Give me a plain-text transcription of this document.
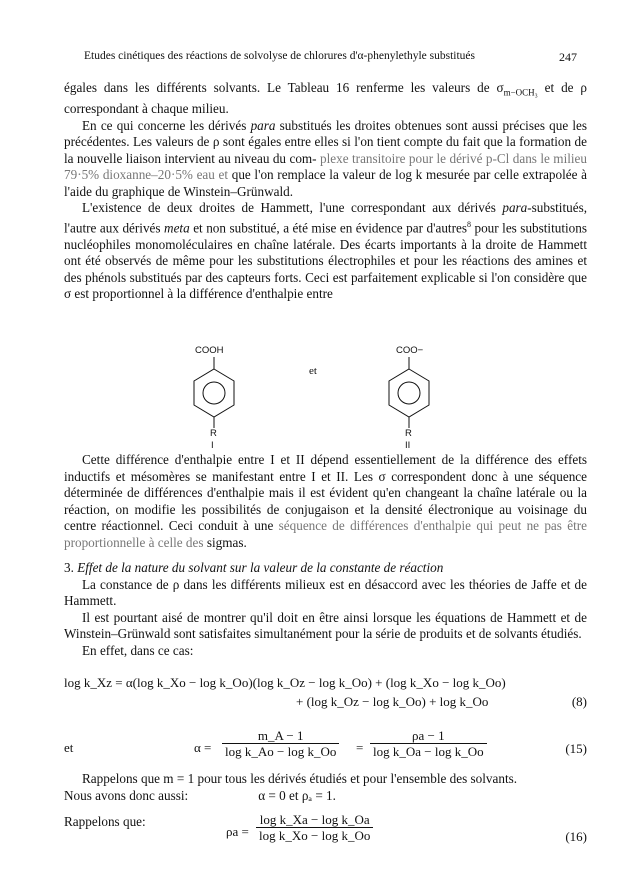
Etudes cinétiques des réactions de solvolyse de chlorures d'α-phenylethyle substitués	247

égales dans les différents solvants. Le Tableau 16 renferme les valeurs de $\sigma_{m-OCH_3}$ et de ρ correspondant à chaque milieu.

En ce qui concerne les dérivés para substitués les droites obtenues sont aussi précises que les précédentes. Les valeurs de ρ sont égales entre elles si l'on tient compte du fait que la formation de la nouvelle liaison intervient au niveau du com- plexe transitoire pour le dérivé p-Cl dans le milieu 79·5% dioxanne–20·5% eau et que l'on remplace la valeur de log k mesurée par celle extrapolée à l'aide du graphique de Winstein–Grünwald.

L'existence de deux droites de Hammett, l'une correspondant aux dérivés para-substitués, l'autre aux dérivés meta et non substitué, a été mise en évidence par d'autres$^8$ pour les substitutions nucléophiles monomoléculaires en chaîne latérale. Des écarts importants à la droite de Hammett ont été observés de même pour les substitutions électrophiles et pour les réactions des amines et des phénols substitués par des capteurs forts. Ceci est parfaitement explicable si l'on considère que σ est proportionnel à la différence d'enthalpie entre

COOH
R
I
et
COO−
R
II

Cette différence d'enthalpie entre I et II dépend essentiellement de la différence des effets inductifs et mésomères se manifestant entre I et II. Les σ correspondent donc à une séquence déterminée de différences d'enthalpie mais il est évident qu'en changeant la chaîne latérale ou la réaction, on modifie les possibilités de conjugaison et la densité électronique au voisinage du centre réactionnel. Ceci conduit à une séquence de différences d'enthalpie qui peut ne pas être proportionnelle à celle des sigmas.

3. Effet de la nature du solvant sur la valeur de la constante de réaction

La constance de ρ dans les différents milieux est en désaccord avec les théories de Jaffe et de Hammett.

Il est pourtant aisé de montrer qu'il doit en être ainsi lorsque les équations de Hammett et de Winstein–Grünwald sont satisfaites simultanément pour la série de produits et de solvants étudiés.

En effet, dans ce cas:

log k_Xz = α(log k_Xo − log k_Oo)(log k_Oz − log k_Oo) + (log k_Xo − log k_Oo)
+ (log k_Oz − log k_Oo) + log k_Oo	(8)
et	$\alpha = \frac{m\_A - 1}{\text{log k\_Ao − log k\_Oo}} = \frac{\rho a - 1}{\text{log k\_Oa − log k\_Oo}}$	(15)

Rappelons que m = 1 pour tous les dérivés étudiés et pour l'ensemble des solvants.

Nous avons donc aussi:	α = 0 et ρₐ = 1.

Rappelons que:

$\rho a = \frac{\text{log k\_Xa − log k\_Oa}}{\text{log k\_Xo − log k\_Oo}}$	(16)
